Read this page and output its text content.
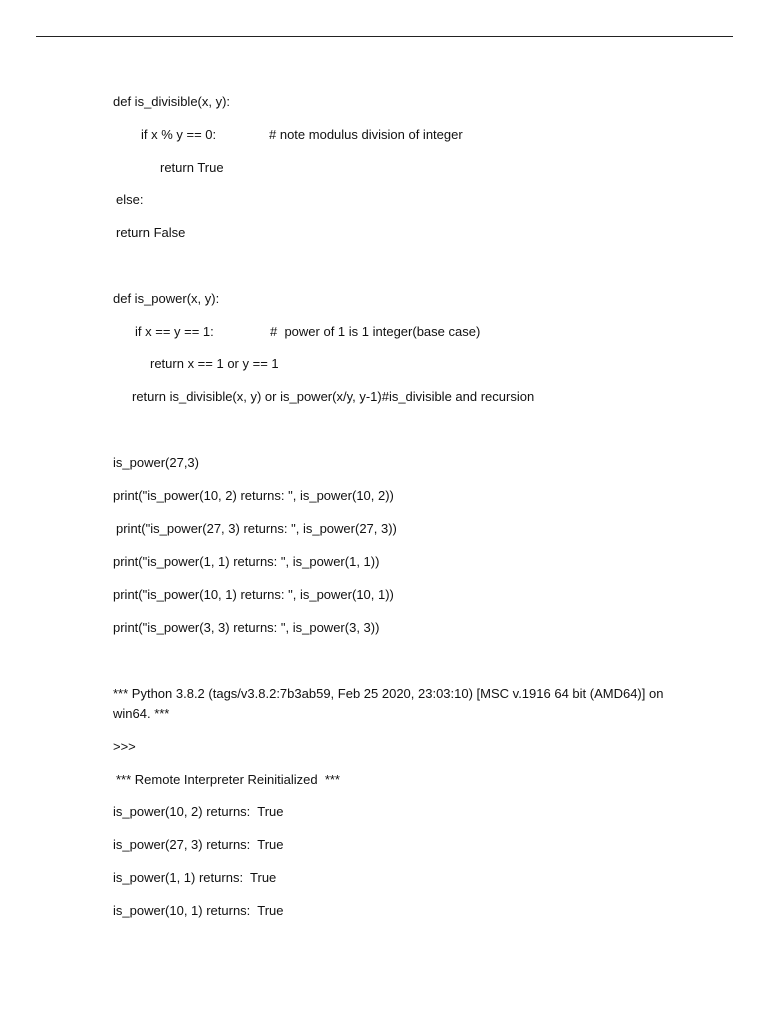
def is_divisible(x, y):
if x % y == 0:	# note modulus division of integer
return True
else:
return False
def is_power(x, y):
if x == y == 1:	#  power of 1 is 1 integer(base case)
return x == 1 or y == 1
return is_divisible(x, y) or is_power(x/y, y-1)#is_divisible and recursion
is_power(27,3)
print("is_power(10, 2) returns: ", is_power(10, 2))
print("is_power(27, 3) returns: ", is_power(27, 3))
print("is_power(1, 1) returns: ", is_power(1, 1))
print("is_power(10, 1) returns: ", is_power(10, 1))
print("is_power(3, 3) returns: ", is_power(3, 3))
*** Python 3.8.2 (tags/v3.8.2:7b3ab59, Feb 25 2020, 23:03:10) [MSC v.1916 64 bit (AMD64)] on win64. ***
>>>
*** Remote Interpreter Reinitialized  ***
is_power(10, 2) returns:  True
is_power(27, 3) returns:  True
is_power(1, 1) returns:  True
is_power(10, 1) returns:  True
